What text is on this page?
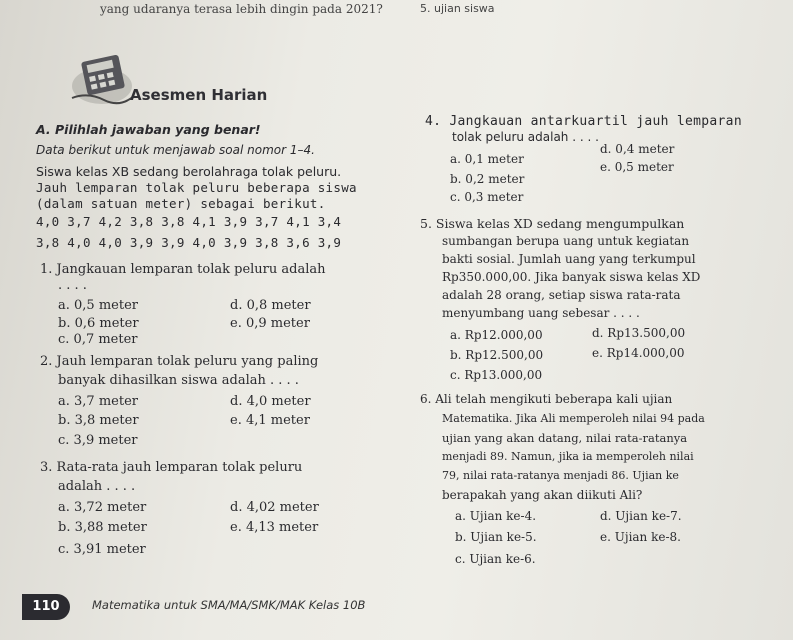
yang udaranya terasa lebih dingin pada 2021?	5. ujian siswa
Asesmen Harian
A. Pilihlah jawaban yang benar!
Data berikut untuk menjawab soal nomor 1–4.
Siswa kelas XB sedang berolahraga tolak peluru.
Jauh lemparan tolak peluru beberapa siswa
(dalam satuan meter) sebagai berikut.
4,0 3,7 4,2 3,8 3,8 4,1 3,9 3,7 4,1 3,4
3,8 4,0 4,0 3,9 3,9 4,0 3,9 3,8 3,6 3,9
1. Jangkauan lemparan tolak peluru adalah
. . . .
a. 0,5 meter
b. 0,6 meter
c. 0,7 meter
d. 0,8 meter
e. 0,9 meter
2. Jauh lemparan tolak peluru yang paling
banyak dihasilkan siswa adalah . . . .
a. 3,7 meter
b. 3,8 meter
c. 3,9 meter
d. 4,0 meter
e. 4,1 meter
3. Rata-rata jauh lemparan tolak peluru
adalah . . . .
a. 3,72 meter
b. 3,88 meter
c. 3,91 meter
d. 4,02 meter
e. 4,13 meter
4. Jangkauan antarkuartil jauh lemparan
tolak peluru adalah . . . .
a. 0,1 meter
b. 0,2 meter
c. 0,3 meter
d. 0,4 meter
e. 0,5 meter
5. Siswa kelas XD sedang mengumpulkan
sumbangan berupa uang untuk kegiatan
bakti sosial. Jumlah uang yang terkumpul
Rp350.000,00. Jika banyak siswa kelas XD
adalah 28 orang, setiap siswa rata-rata
menyumbang uang sebesar . . . .
a. Rp12.000,00
b. Rp12.500,00
c. Rp13.000,00
d. Rp13.500,00
e. Rp14.000,00
6. Ali telah mengikuti beberapa kali ujian
Matematika. Jika Ali memperoleh nilai 94 pada
ujian yang akan datang, nilai rata-ratanya
menjadi 89. Namun, jika ia memperoleh nilai
79, nilai rata-ratanya menjadi 86. Ujian ke
berapakah yang akan diikuti Ali?
a. Ujian ke-4.
b. Ujian ke-5.
c. Ujian ke-6.
d. Ujian ke-7.
e. Ujian ke-8.
110	Matematika untuk SMA/MA/SMK/MAK Kelas 10B
